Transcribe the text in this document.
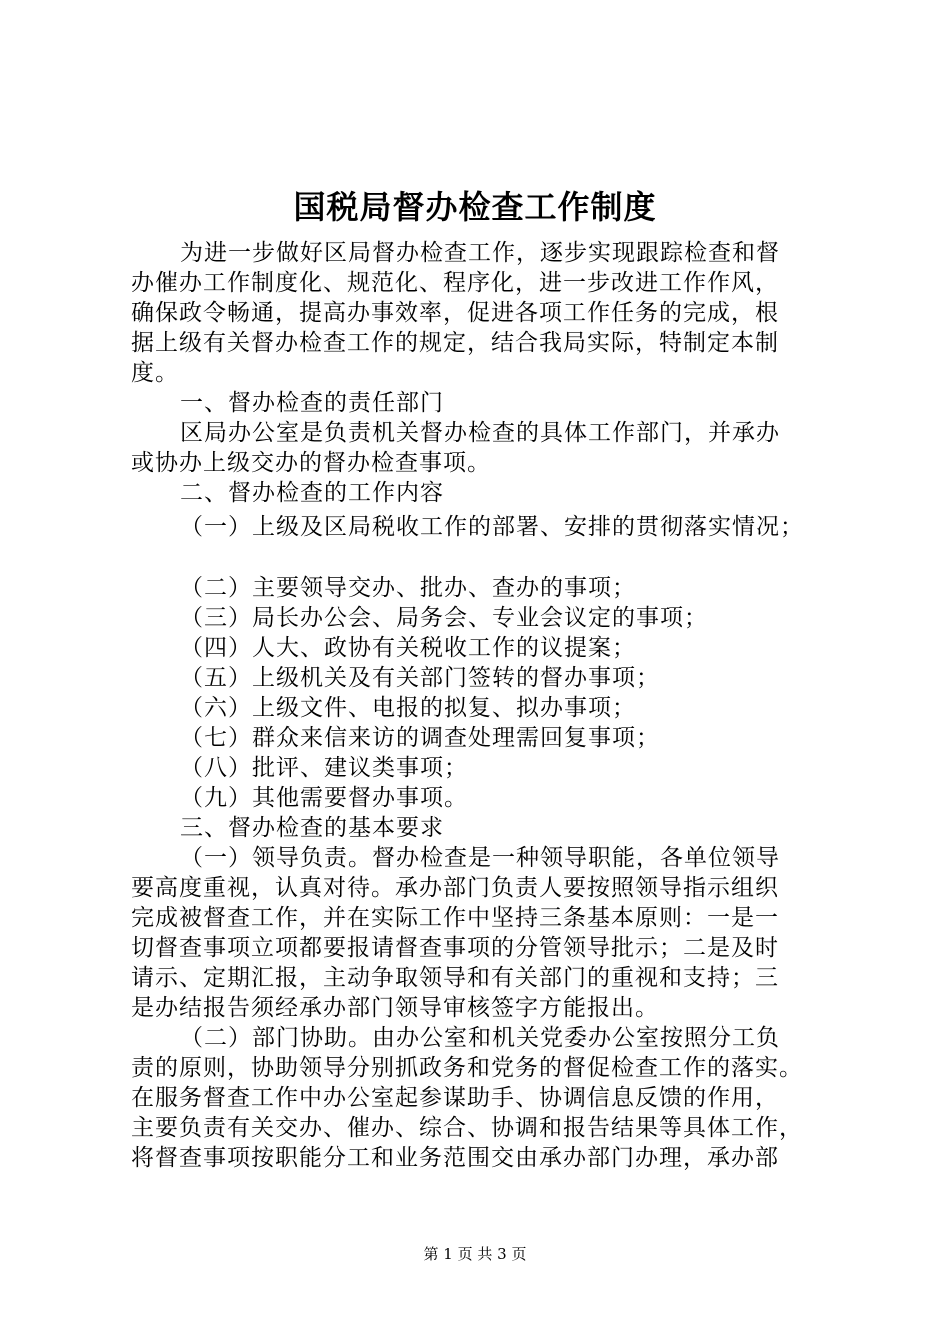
国税局督办检查工作制度
为进一步做好区局督办检查工作，逐步实现跟踪检查和督
办催办工作制度化、规范化、程序化，进一步改进工作作风，
确保政令畅通，提高办事效率，促进各项工作任务的完成，根
据上级有关督办检查工作的规定，结合我局实际，特制定本制
度。
一、督办检查的责任部门
区局办公室是负责机关督办检查的具体工作部门，并承办
或协办上级交办的督办检查事项。
二、督办检查的工作内容
（一）上级及区局税收工作的部署、安排的贯彻落实情况；
（二）主要领导交办、批办、查办的事项；
（三）局长办公会、局务会、专业会议定的事项；
（四）人大、政协有关税收工作的议提案；
（五）上级机关及有关部门签转的督办事项；
（六）上级文件、电报的拟复、拟办事项；
（七）群众来信来访的调查处理需回复事项；
（八）批评、建议类事项；
（九）其他需要督办事项。
三、督办检查的基本要求
（一）领导负责。督办检查是一种领导职能，各单位领导
要高度重视，认真对待。承办部门负责人要按照领导指示组织
完成被督查工作，并在实际工作中坚持三条基本原则：一是一
切督查事项立项都要报请督查事项的分管领导批示；二是及时
请示、定期汇报，主动争取领导和有关部门的重视和支持；三
是办结报告须经承办部门领导审核签字方能报出。
（二）部门协助。由办公室和机关党委办公室按照分工负
责的原则，协助领导分别抓政务和党务的督促检查工作的落实。
在服务督查工作中办公室起参谋助手、协调信息反馈的作用，
主要负责有关交办、催办、综合、协调和报告结果等具体工作，
将督查事项按职能分工和业务范围交由承办部门办理，承办部
第 1 页 共 3 页
